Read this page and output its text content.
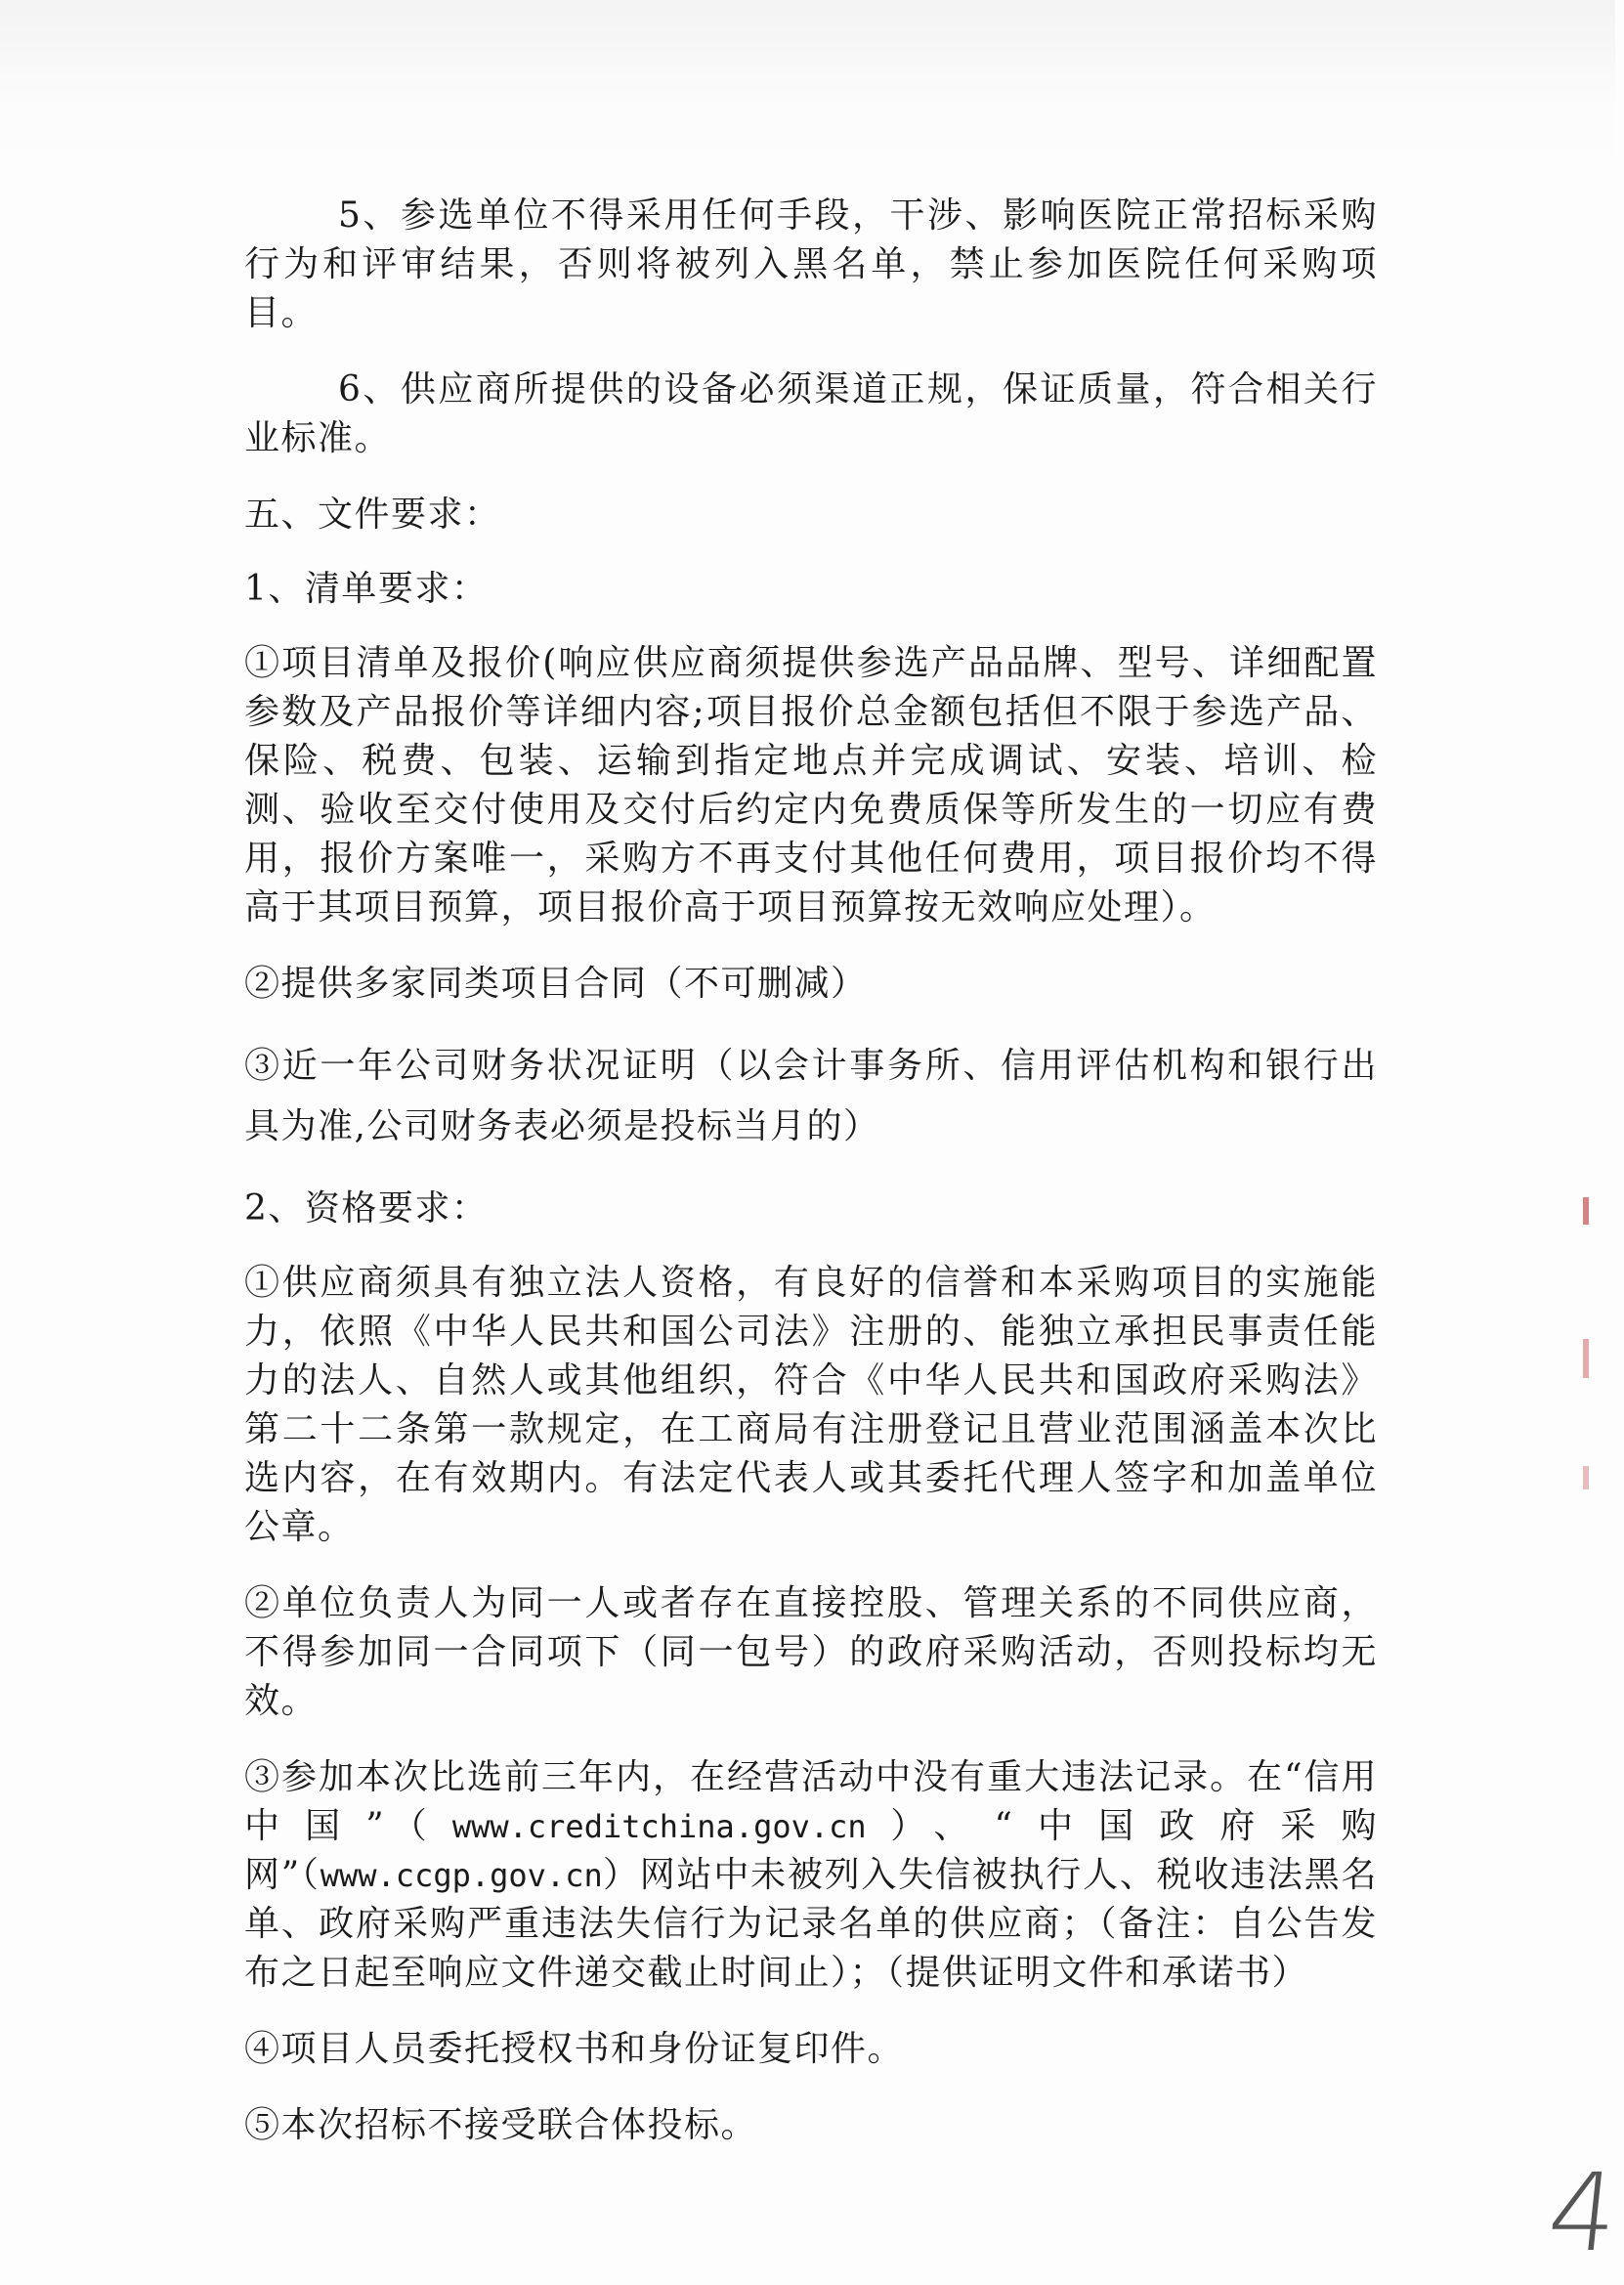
5、参选单位不得采用任何手段，干涉、影响医院正常招标采购行为和评审结果，否则将被列入黑名单，禁止参加医院任何采购项目。

6、供应商所提供的设备必须渠道正规，保证质量，符合相关行业标准。

五、文件要求：

1、清单要求：

①项目清单及报价(响应供应商须提供参选产品品牌、型号、详细配置参数及产品报价等详细内容;项目报价总金额包括但不限于参选产品、保险、税费、包装、运输到指定地点并完成调试、安装、培训、检测、验收至交付使用及交付后约定内免费质保等所发生的一切应有费用，报价方案唯一，采购方不再支付其他任何费用，项目报价均不得高于其项目预算，项目报价高于项目预算按无效响应处理）。

②提供多家同类项目合同（不可删减）

③近一年公司财务状况证明（以会计事务所、信用评估机构和银行出具为准,公司财务表必须是投标当月的）

2、资格要求：

①供应商须具有独立法人资格，有良好的信誉和本采购项目的实施能力，依照《中华人民共和国公司法》注册的、能独立承担民事责任能力的法人、自然人或其他组织，符合《中华人民共和国政府采购法》第二十二条第一款规定，在工商局有注册登记且营业范围涵盖本次比选内容，在有效期内。有法定代表人或其委托代理人签字和加盖单位公章。

②单位负责人为同一人或者存在直接控股、管理关系的不同供应商，不得参加同一合同项下（同一包号）的政府采购活动，否则投标均无效。

③参加本次比选前三年内，在经营活动中没有重大违法记录。在“信用中国”（www.creditchina.gov.cn）、“中国政府采购网”（www.ccgp.gov.cn）网站中未被列入失信被执行人、税收违法黑名单、政府采购严重违法失信行为记录名单的供应商；（备注：自公告发布之日起至响应文件递交截止时间止）；（提供证明文件和承诺书）

④项目人员委托授权书和身份证复印件。

⑤本次招标不接受联合体投标。

4
